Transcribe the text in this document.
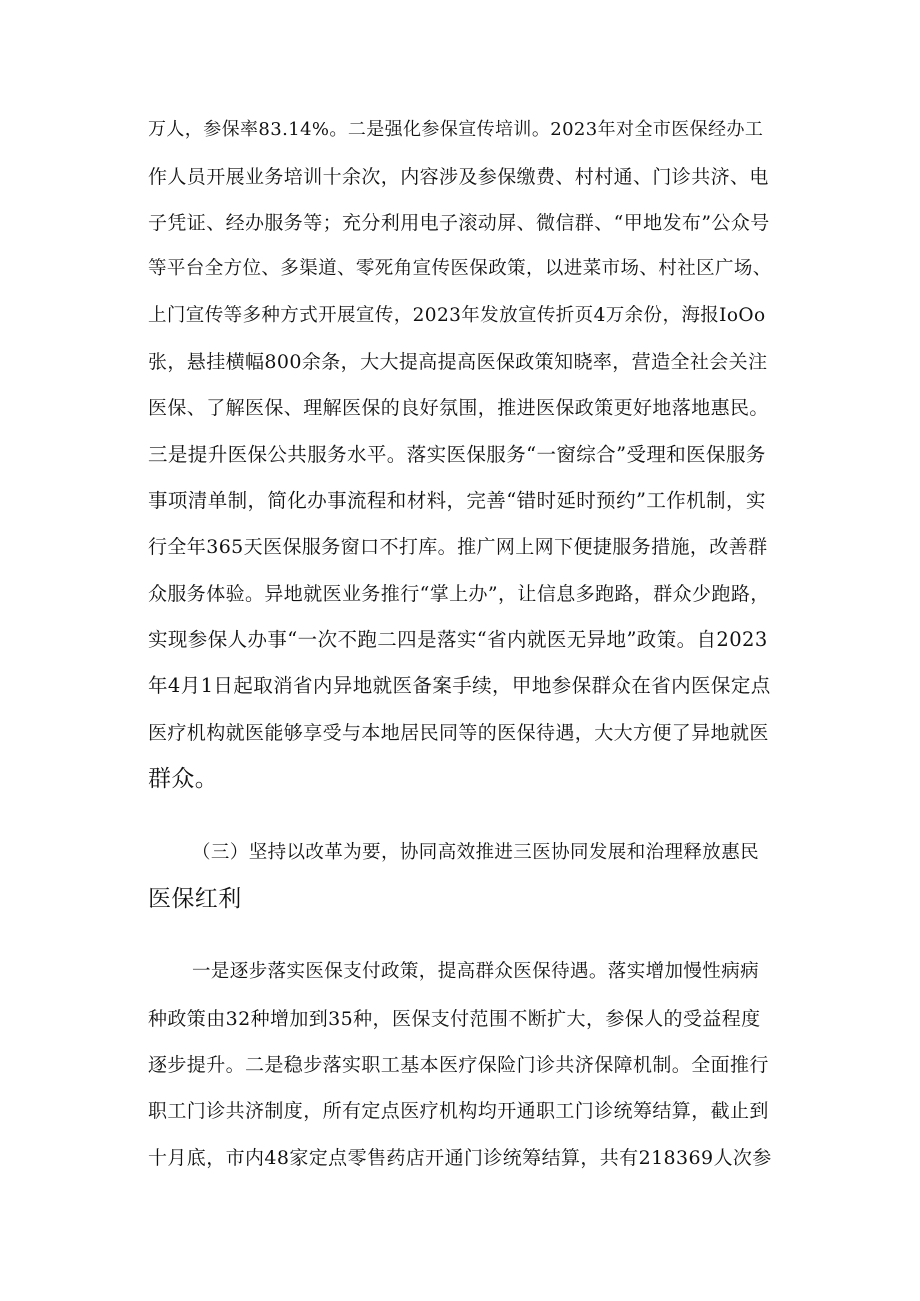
万人，参保率83.14%。二是强化参保宣传培训。2023年对全市医保经办工
作人员开展业务培训十余次，内容涉及参保缴费、村村通、门诊共济、电
子凭证、经办服务等；充分利用电子滚动屏、微信群、“甲地发布”公众号
等平台全方位、多渠道、零死角宣传医保政策，以进菜市场、村社区广场、
上门宣传等多种方式开展宣传，2023年发放宣传折页4万余份，海报IoOo
张，悬挂横幅800余条，大大提高提高医保政策知晓率，营造全社会关注
医保、了解医保、理解医保的良好氛围，推进医保政策更好地落地惠民。
三是提升医保公共服务水平。落实医保服务“一窗综合”受理和医保服务
事项清单制，简化办事流程和材料，完善“错时延时预约”工作机制，实
行全年365天医保服务窗口不打库。推广网上网下便捷服务措施，改善群
众服务体验。异地就医业务推行“掌上办”，让信息多跑路，群众少跑路，
实现参保人办事“一次不跑二四是落实“省内就医无异地”政策。自2023
年4月1日起取消省内异地就医备案手续，甲地参保群众在省内医保定点
医疗机构就医能够享受与本地居民同等的医保待遇，大大方便了异地就医
群众。
（三）坚持以改革为要，协同高效推进三医协同发展和治理释放惠民
医保红利
一是逐步落实医保支付政策，提高群众医保待遇。落实增加慢性病病
种政策由32种增加到35种，医保支付范围不断扩大，参保人的受益程度
逐步提升。二是稳步落实职工基本医疗保险门诊共济保障机制。全面推行
职工门诊共济制度，所有定点医疗机构均开通职工门诊统筹结算，截止到
十月底，市内48家定点零售药店开通门诊统筹结算，共有218369人次参
